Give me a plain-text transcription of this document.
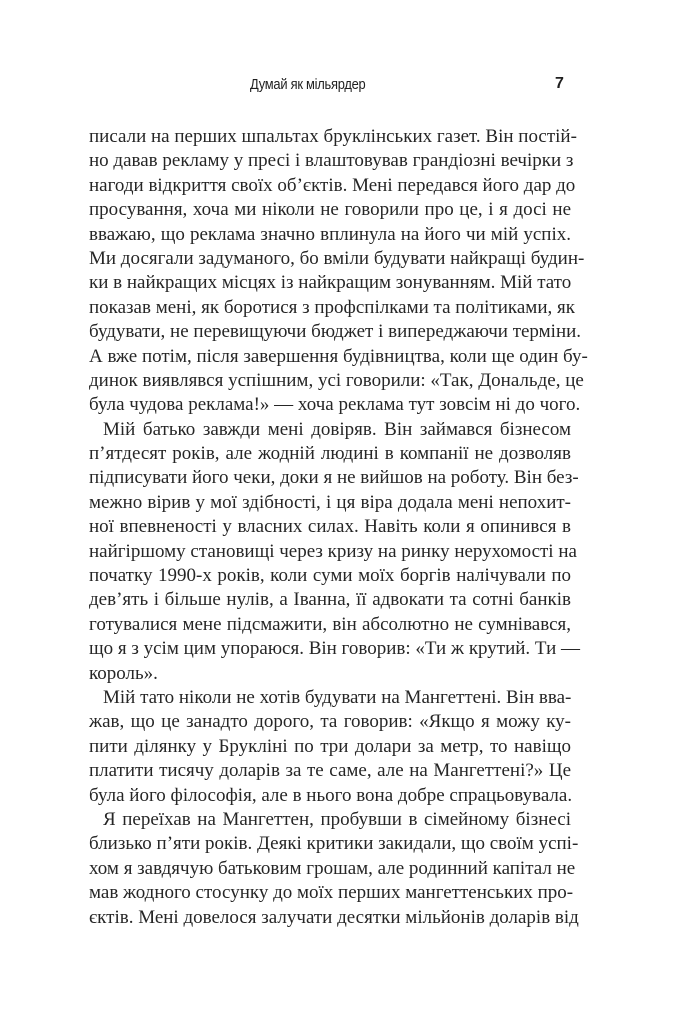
Думай як мільярдер	7
писали на перших шпальтах бруклінських газет. Він постій-
но давав рекламу у пресі і влаштовував грандіозні вечірки з
нагоди відкриття своїх об’єктів. Мені передався його дар до
просування, хоча ми ніколи не говорили про це, і я досі не
вважаю, що реклама значно вплинула на його чи мій успіх.
Ми досягали задуманого, бо вміли будувати найкращі будин-
ки в найкращих місцях із найкращим зонуванням. Мій тато
показав мені, як боротися з профспілками та політиками, як
будувати, не перевищуючи бюджет і випереджаючи терміни.
А вже потім, після завершення будівництва, коли ще один бу-
динок виявлявся успішним, усі говорили: «Так, Дональде, це
була чудова реклама!» — хоча реклама тут зовсім ні до чого.
Мій батько завжди мені довіряв. Він займався бізнесом
п’ятдесят років, але жодній людині в компанії не дозволяв
підписувати його чеки, доки я не вийшов на роботу. Він без-
межно вірив у мої здібності, і ця віра додала мені непохит-
ної впевненості у власних силах. Навіть коли я опинився в
найгіршому становищі через кризу на ринку нерухомості на
початку 1990-х років, коли суми моїх боргів налічували по
дев’ять і більше нулів, а Іванна, її адвокати та сотні банків
готувалися мене підсмажити, він абсолютно не сумнівався,
що я з усім цим упораюся. Він говорив: «Ти ж крутий. Ти —
король».
Мій тато ніколи не хотів будувати на Мангеттені. Він вва-
жав, що це занадто дорого, та говорив: «Якщо я можу ку-
пити ділянку у Брукліні по три долари за метр, то навіщо
платити тисячу доларів за те саме, але на Мангеттені?» Це
була його філософія, але в нього вона добре спрацьовувала.
Я переїхав на Мангеттен, пробувши в сімейному бізнесі
близько п’яти років. Деякі критики закидали, що своїм успі-
хом я завдячую батьковим грошам, але родинний капітал не
мав жодного стосунку до моїх перших мангеттенських про-
єктів. Мені довелося залучати десятки мільйонів доларів від
